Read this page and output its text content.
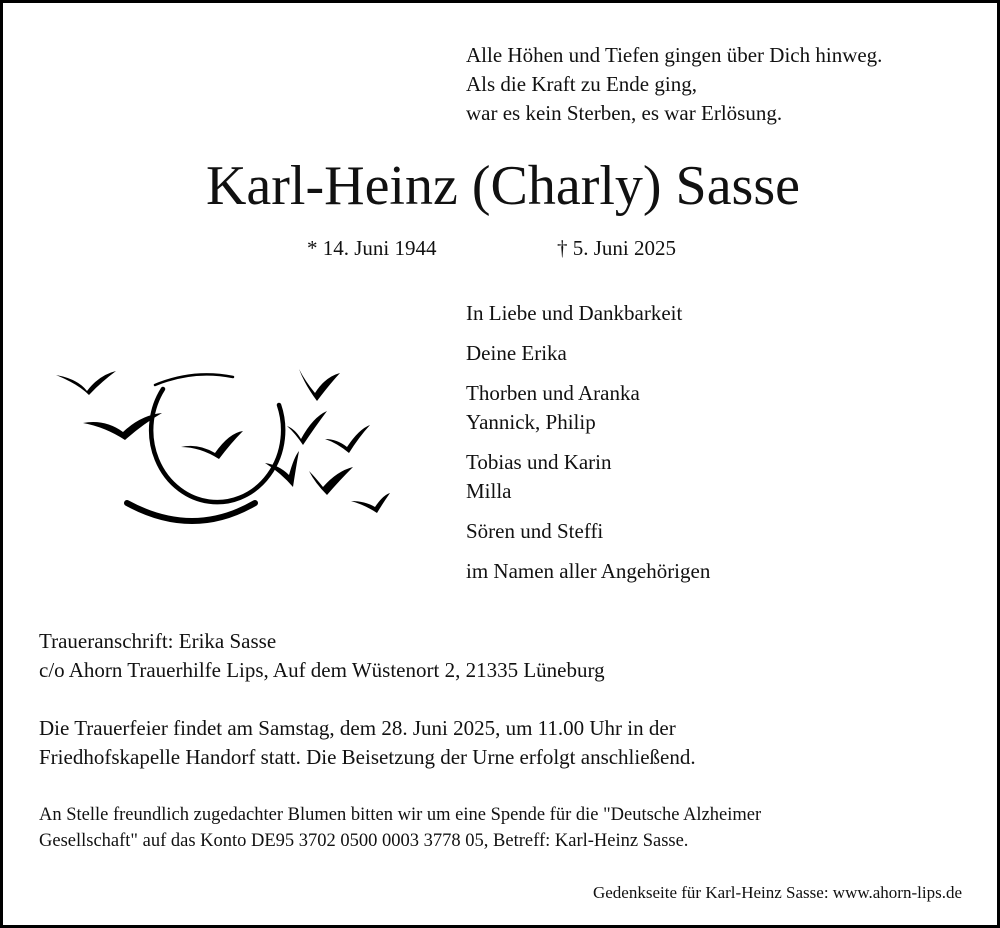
Alle Höhen und Tiefen gingen über Dich hinweg.
Als die Kraft zu Ende ging,
war es kein Sterben, es war Erlösung.
Karl-Heinz (Charly) Sasse
* 14. Juni 1944	† 5. Juni 2025
In Liebe und Dankbarkeit
Deine Erika
Thorben und Aranka
Yannick, Philip
Tobias und Karin
Milla
Sören und Steffi
im Namen aller Angehörigen
Traueranschrift: Erika Sasse
c/o Ahorn Trauerhilfe Lips, Auf dem Wüstenort 2, 21335 Lüneburg
Die Trauerfeier findet am Samstag, dem 28. Juni 2025, um 11.00 Uhr in der
Friedhofskapelle Handorf statt. Die Beisetzung der Urne erfolgt anschließend.
An Stelle freundlich zugedachter Blumen bitten wir um eine Spende für die "Deutsche Alzheimer
Gesellschaft" auf das Konto DE95 3702 0500 0003 3778 05, Betreff: Karl-Heinz Sasse.
Gedenkseite für Karl-Heinz Sasse: www.ahorn-lips.de
